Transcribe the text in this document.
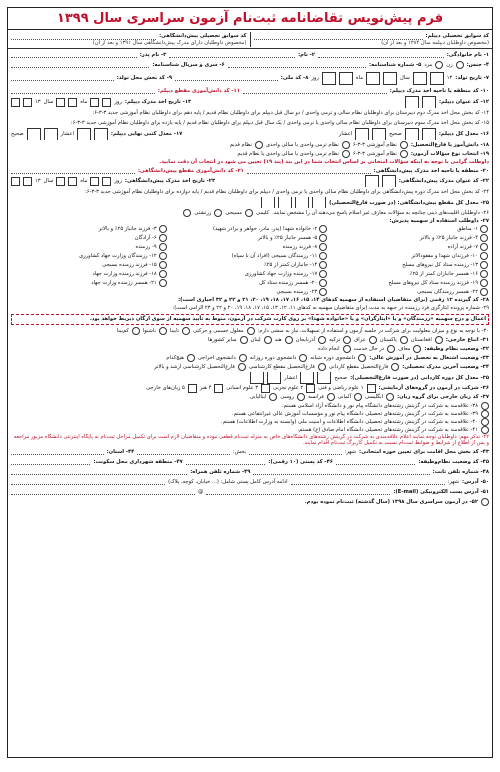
فرم پیش‌نویس تقاضانامه ثبت‌نام آزمون سراسری سال ۱۳۹۹
کد سوابق تحصیلی دیپلم:
(مخصوص داوطلبان دیپلمه سال ۱۳۸۴ و بعد از آن)
کد سوابق تحصیلی پیش‌دانشگاهی:
(مخصوص داوطلبان دارای مدرک پیش‌دانشگاهی سال ۱۳۹۱ و بعد از آن)
۱- نام خانوادگی:
۲- نام:
۳- نام پدر:
۴- جنس:
زن
مرد
۵- شماره شناسنامه:
۶- سری و سریال شناسنامه:
۷- تاریخ تولد:
۱۳
سال
ماه
روز
۸- کد ملی:
۹- کد بخش محل تولد:
۱۰- کد منطقه یا ناحیه اخذ مدرک دیپلم:
۱۱- کد دانش‌آموزی مقطع دیپلم:
۱۲- کد عنوان دیپلم:
۱۳- تاریخ اخذ مدرک دیپلم:
روز
ماه
سال
۱۳
۱۴- کد بخش محل اخذ مدرک دوم دبیرستان برای داوطلبان نظام سالی و ترمی واحدی / دو سال قبل دیپلم برای داوطلبان نظام قدیم / پایه دهم برای داوطلبان نظام آموزشی جدید ۳-۳-۶:
۱۵- کد بخش محل اخذ مدرک سوم دبیرستان برای داوطلبان نظام سالی واحدی یا ترمی واحدی / یک سال قبل دیپلم برای داوطلبان نظام قدیم / پایه یازده برای داوطلبان نظام آموزشی جدید ۳-۳-۶:
۱۶- معدل کل دیپلم:
صحیح
اعشار
۱۷- معدل کتبی نهایی دیپلم:
اعشار
صحیح
۱۸- دانش‌آموز یا فارغ‌التحصیل:
نظام آموزشی ۳-۳-۶
نظام ترمی واحدی یا سالی واحدی
نظام قدیم
۱۹- انتخاب نوع سؤالات آزمون:
نظام آموزشی ۳-۳-۶
نظام ترمی واحدی یا سالی واحدی یا نظام قدیم
داوطلب گرامی با توجه به اینکه سؤالات امتحانی بر اساس انتخاب شما در این بند (بند ۱۹) تعیین می شود در انتخاب آن دقت نمایید.
۲۰- منطقه یا ناحیه اخذ مدرک پیش‌دانشگاهی:
۲۱- کد دانش‌آموزی مقطع پیش‌دانشگاهی:
۲۲- کد عنوان مدرک پیش‌دانشگاهی:
۲۳- تاریخ اخذ مدرک پیش‌دانشگاهی:
روز
ماه
سال
۱۳
۲۴- کد بخش محل اخذ مدرک دوره پیش‌دانشگاهی برای داوطلبان نظام سالی واحدی یا ترمی واحدی / دیپلم برای داوطلبان نظام قدیم / پایه دوازده برای داوطلبان نظام آموزشی جدید ۳-۳-۶:
۲۵- معدل کل مقطع پیش‌دانشگاهی: (در صورت فارغ‌التحصیلی)
۲۶- داوطلبان اقلیت‌های دینی چنانچه به سؤالات معارف غیر اسلام پاسخ می‌دهند آن را مشخص نمایند.
کلیمی
مسیحی
زرتشتی
۲۷- داوطلب استفاده از سهمیه پذیرش:
۱- مناطق
۲- خانواده شهدا (پدر، مادر، خواهر و برادر شهید)
۳- فرزند جانباز ۲۵٪ و بالاتر
۴- فرزند جانباز ۲۵٪ و بالاتر
۵- همسر جانباز ۲۵٪ و بالاتر
۶- آزادگان
۷- فرزند آزاده
۸- فرزند رزمنده
۹- رزمنده
۱۰- فرزندان شهدا و مفقودالاثر
۱۱- رزمندگان بسیجی (افراد آن با سپاه)
۱۲- رزمندگان وزارت جهاد کشاورزی
۱۳- رزمنده ستاد کل نیروهای مسلح
۱۴- جانبازان کمتر از ۲۵٪
۱۵- فرزند رزمنده بسیجی
۱۶- همسر جانبازان کمتر از ۲۵٪
۱۷- رزمنده وزارت جهاد کشاورزی
۱۸- فرزند رزمنده وزارت جهاد
۱۹- فرزند رزمنده ستاد کل نیروهای مسلح
۲۰- همسر رزمنده ستاد کل
۲۱- همسر رزمنده وزارت جهاد
۲۲- همسر رزمندگان بسیجی
۲۳- رزمنده بسیجی
۲۸- کد گیرنده ۱۲ رقمی (برای متقاضیان استفاده از سهمیه کدهای ۱۴، ۱۵، ۱۶، ۱۷، ۱۸، ۱۹، ۲۰، ۲۱ و ۲۲ و ۳۲ اجباری است):
۲۹- شماره پرونده ایثارگری فرد رزمنده در جبهه به مدت (برای متقاضیان سهمیه به کدهای ۱۱، ۱۲، ۱۳، ۱۵، ۱۷، ۱۸، ۱۹، ۲۰ و ۲۲ و ۲۳ الزامی است):
اعمال و درج سهمیه «رزمندگان» و یا «ایثارگران» و یا «خانواده شهدا» بر روی کارت شرکت در آزمون، منوط به تأیید سهمیه از سوی ارگان ذیربط خواهد بود.
۳۰- با توجه به نوع و میزان معلولیت برای شرکت در جلسه آزمون و استفاده از تسهیلات، نیاز به منشی دارم:
معلول جسمی و حرکتی
نابینا
ناشنوا
کم‌بینا
۳۱- اتباع خارجی:
افغانستان
پاکستان
عراق
ترکیه
آذربایجان
هند
لبنان
سایر کشورها
۳۲- وضعیت نظام وظیفه:
معاف
در حال خدمت
انجام داده
۳۳- وضعیت اشتغال به تحصیل در آموزش عالی:
دانشجوی دوره شبانه
دانشجوی دوره روزانه
دانشجوی اخراجی
هیچ‌کدام
۳۴- وضعیت آخرین مدرک تحصیلی:
فارغ‌التحصیل مقطع کاردانی
فارغ‌التحصیل مقطع کارشناسی
فارغ‌التحصیل کارشناسی ارشد و بالاتر
۳۵- معدل کل دوره کاردانی (در صورت فارغ‌التحصیلی):
صحیح
اعشار
۳۶- شرکت در آزمون در گروه‌های آزمایشی:
۱ علوم ریاضی و فنی
۲ علوم تجربی
۳ علوم انسانی
۴ هنر
۵ زبان‌های خارجی
۳۷- کد زبان خارجی برای گروه زبان:
انگلیسی
آلمانی
فرانسه
روسی
ایتالیایی
۳۸- علاقه‌مند به شرکت در گزینش رشته‌های دانشگاه پیام نور و دانشگاه آزاد اسلامی هستم.
۳۹- علاقه‌مند به شرکت در گزینش رشته‌های تحصیلی دانشگاه پیام نور و مؤسسات آموزش عالی غیرانتفاعی هستم.
۴۰- علاقه‌مند به شرکت در گزینش رشته‌های تحصیلی دانشگاه اطلاعات و امنیت ملی (وابسته به وزارت اطلاعات) هستم.
۴۱- علاقه‌مند به شرکت در گزینش رشته‌های تحصیلی دانشگاه امام صادق (ع) هستم.
۴۲- تذکر مهم: داوطلبان توجه نمایند اعلام علاقه‌مندی به شرکت در گزینش رشته‌های دانشگاه‌های خاص به منزله ثبت‌نام قطعی نبوده و متقاضیان لازم است برای تکمیل مراحل ثبت‌نام به پایگاه اینترنتی دانشگاه مزبور مراجعه و پس از اطلاع از شرایط و ضوابط ثبت‌نام نسبت به تکمیل کاربرگ ثبت‌نام اقدام نمایند.
۴۳- کد بخش محل اقامت برای تعیین حوزه امتحانی:
شهر:
بخش:
۴۴- استان:
۴۵- کد وضعیت نظام‌وظیفه:
۴۶- کد پستی (۱۰ رقمی):
۴۷- منطقه شهرداری محل سکونت:
۴۸- شماره تلفن ثابت:
۴۹- شماره تلفن همراه:
۵۰- آدرس:
شهر:
ادامه آدرس کامل پستی شامل: (... خیابان، کوچه، پلاک)
۵۱- آدرس پست الکترونیکی (E-mail):
@
۵۲- در آزمون سراسری سال ۱۳۹۸ (سال گذشته) ثبت‌نام نموده بودم.
